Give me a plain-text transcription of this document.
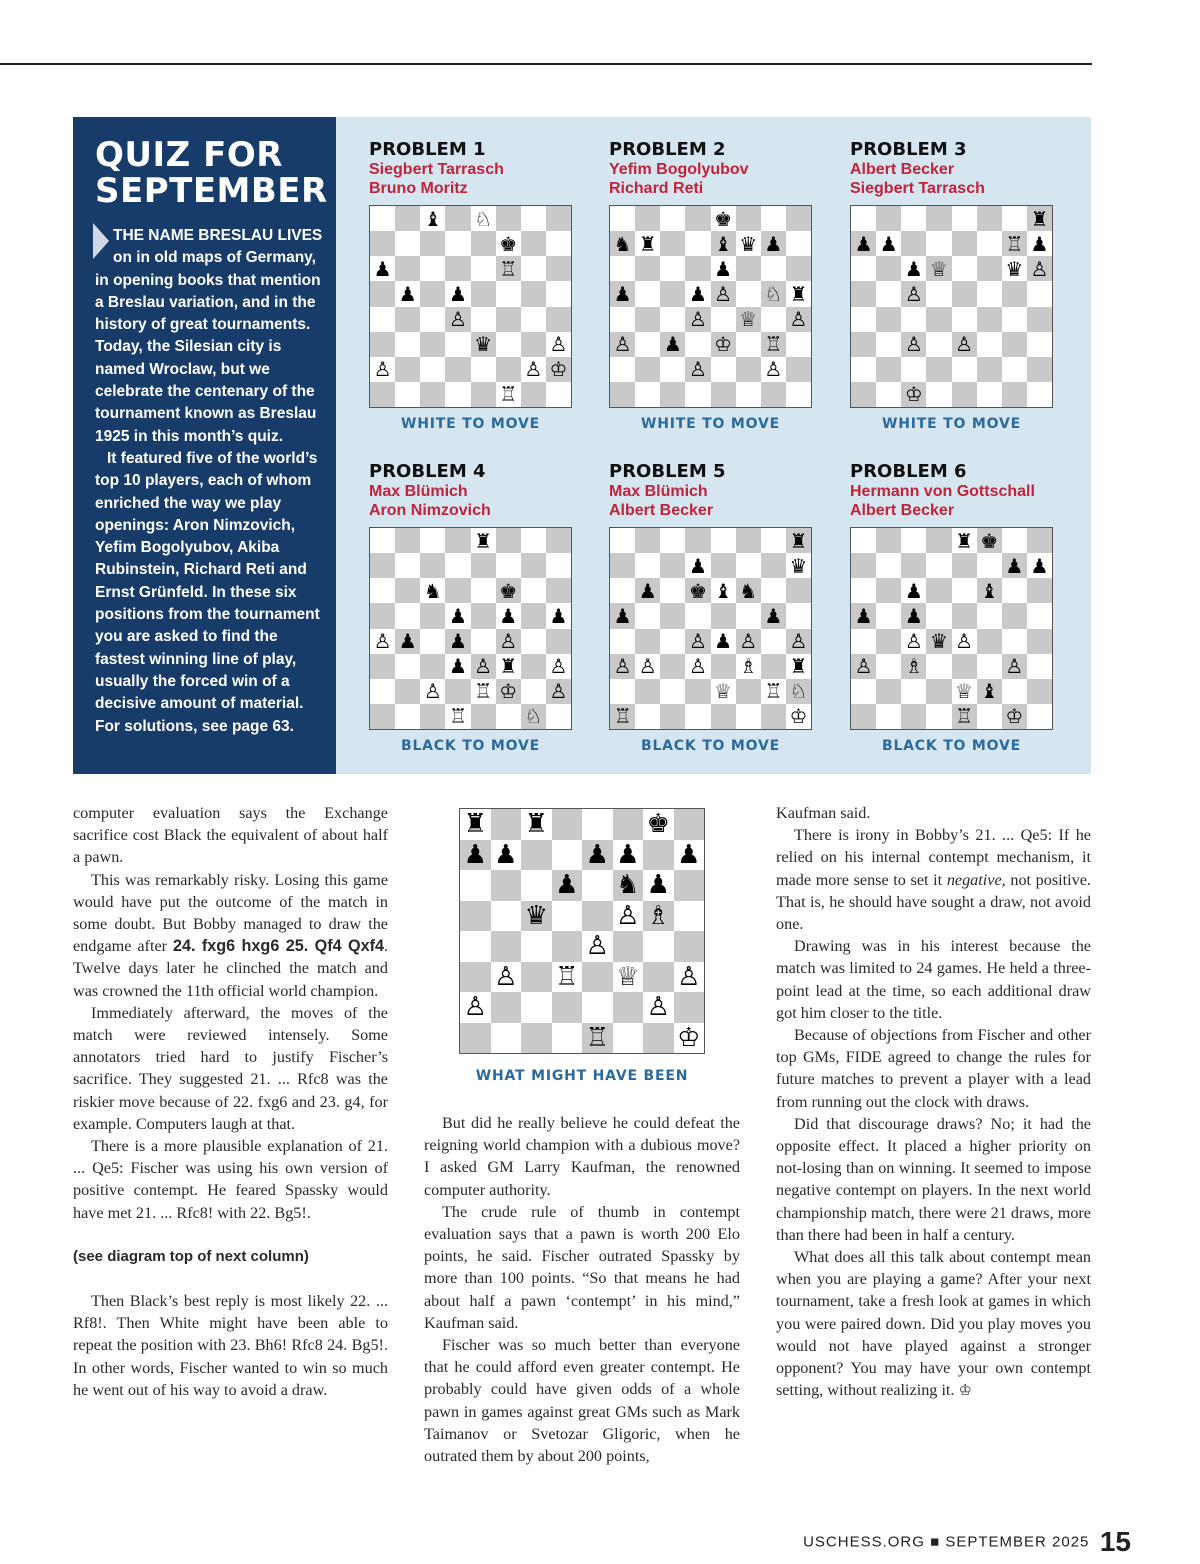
QUIZ FOR
SEPTEMBER

THE NAME BRESLAU LIVES on in old maps of Germany, in opening books that mention a Breslau variation, and in the history of great tournaments. Today, the Silesian city is named Wroclaw, but we celebrate the centenary of the tournament known as Breslau 1925 in this month’s quiz.

It featured five of the world’s top 10 players, each of whom enriched the way we play openings: Aron Nimzovich, Yefim Bogolyubov, Akiba Rubinstein, Richard Reti and Ernst Grünfeld. In these six positions from the tournament you are asked to find the fastest winning line of play, usually the forced win of a decisive amount of material. For solutions, see page 63.

PROBLEM 1
Siegbert Tarrasch
Bruno Moritz
♝ ♘
♚
♟	♖
♟ ♟
♙
♛	♙
♙	♙ ♔
♖
WHITE TO MOVE
PROBLEM 2
Yefim Bogolyubov
Richard Reti
♚
♞ ♜	♝ ♛ ♟
♟
♟	♟ ♙ ♘ ♜
♙ ♕ ♙
♙ ♟ ♔ ♖
♙	♙
WHITE TO MOVE
PROBLEM 3
Albert Becker
Siegbert Tarrasch
♜
♟ ♟	♖ ♟
♟ ♕	♛ ♙
♙
♙ ♙
♔
WHITE TO MOVE
PROBLEM 4
Max Blümich
Aron Nimzovich
♜
♞	♚
♟ ♟ ♟
♙ ♟ ♟ ♙
♟ ♙ ♜ ♙
♙ ♖ ♔ ♙
♖	♘
BLACK TO MOVE
PROBLEM 5
Max Blümich
Albert Becker
♜
♟	♛
♟ ♚ ♝ ♞
♟	♟
♙ ♟ ♙ ♙
♙ ♙ ♙ ♗ ♜
♕ ♖ ♘
♖	♔
BLACK TO MOVE
PROBLEM 6
Hermann von Gottschall
Albert Becker
♜ ♚
♟ ♟
♟	♝
♟ ♟
♙ ♛ ♙
♙ ♗	♙
♕ ♝
♖ ♔
BLACK TO MOVE

computer evaluation says the Exchange sacrifice cost Black the equivalent of about half a pawn.

This was remarkably risky. Losing this game would have put the outcome of the match in some doubt. But Bobby managed to draw the endgame after 24. fxg6 hxg6 25. Qf4 Qxf4. Twelve days later he clinched the match and was crowned the 11th official world champion.

Immediately afterward, the moves of the match were reviewed intensely. Some annotators tried hard to justify Fischer’s sacrifice. They suggested 21. ... Rfc8 was the riskier move because of 22. fxg6 and 23. g4, for example. Computers laugh at that.

There is a more plausible explanation of 21. ... Qe5: Fischer was using his own version of positive contempt. He feared Spassky would have met 21. ... Rfc8! with 22. Bg5!.

(see diagram top of next column)

Then Black’s best reply is most likely 22. ... Rf8!. Then White might have been able to repeat the position with 23. Bh6! Rfc8 24. Bg5!. In other words, Fischer wanted to win so much he went out of his way to avoid a draw.

♜ ♜	♚
♟ ♟	♟ ♟ ♟
♟ ♞ ♟
♛	♙ ♗
♙
♙ ♖ ♕ ♙
♙	♙
♖	♔
WHAT MIGHT HAVE BEEN

But did he really believe he could defeat the reigning world champion with a dubious move? I asked GM Larry Kaufman, the renowned computer authority.

The crude rule of thumb in contempt evaluation says that a pawn is worth 200 Elo points, he said. Fischer outrated Spassky by more than 100 points. “So that means he had about half a pawn ‘contempt’ in his mind,” Kaufman said.

Fischer was so much better than everyone that he could afford even greater contempt. He probably could have given odds of a whole pawn in games against great GMs such as Mark Taimanov or Svetozar Gligoric, when he outrated them by about 200 points,

Kaufman said.

There is irony in Bobby’s 21. ... Qe5: If he relied on his internal contempt mechanism, it made more sense to set it negative, not positive. That is, he should have sought a draw, not avoid one.

Drawing was in his interest because the match was limited to 24 games. He held a three-point lead at the time, so each additional draw got him closer to the title.

Because of objections from Fischer and other top GMs, FIDE agreed to change the rules for future matches to prevent a player with a lead from running out the clock with draws.

Did that discourage draws? No; it had the opposite effect. It placed a higher priority on not-losing than on winning. It seemed to impose negative contempt on players. In the next world championship match, there were 21 draws, more than there had been in half a century.

What does all this talk about contempt mean when you are playing a game? After your next tournament, take a fresh look at games in which you were paired down. Did you play moves you would not have played against a stronger opponent? You may have your own contempt setting, without realizing it. ♔

USCHESS.ORG ■ SEPTEMBER 2025 15
